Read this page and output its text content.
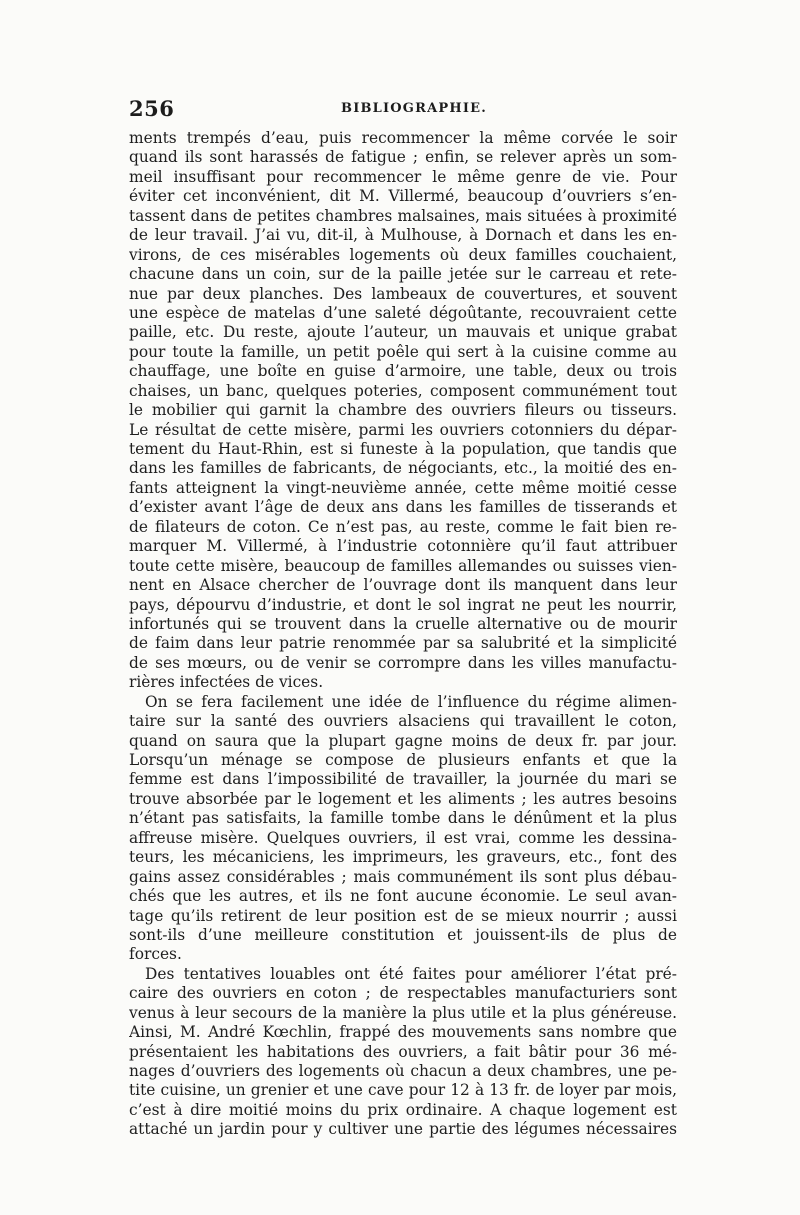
256	BIBLIOGRAPHIE.
ments trempés d’eau, puis recommencer la même corvée le soir
quand ils sont harassés de fatigue ; enfin, se relever après un som-
meil insuffisant pour recommencer le même genre de vie. Pour
éviter cet inconvénient, dit M. Villermé, beaucoup d’ouvriers s’en-
tassent dans de petites chambres malsaines, mais situées à proximité
de leur travail. J’ai vu, dit-il, à Mulhouse, à Dornach et dans les en-
virons, de ces misérables logements où deux familles couchaient,
chacune dans un coin, sur de la paille jetée sur le carreau et rete-
nue par deux planches. Des lambeaux de couvertures, et souvent
une espèce de matelas d’une saleté dégoûtante, recouvraient cette
paille, etc. Du reste, ajoute l’auteur, un mauvais et unique grabat
pour toute la famille, un petit poêle qui sert à la cuisine comme au
chauffage, une boîte en guise d’armoire, une table, deux ou trois
chaises, un banc, quelques poteries, composent communément tout
le mobilier qui garnit la chambre des ouvriers fileurs ou tisseurs.
Le résultat de cette misère, parmi les ouvriers cotonniers du dépar-
tement du Haut-Rhin, est si funeste à la population, que tandis que
dans les familles de fabricants, de négociants, etc., la moitié des en-
fants atteignent la vingt-neuvième année, cette même moitié cesse
d’exister avant l’âge de deux ans dans les familles de tisserands et
de filateurs de coton. Ce n’est pas, au reste, comme le fait bien re-
marquer M. Villermé, à l’industrie cotonnière qu’il faut attribuer
toute cette misère, beaucoup de familles allemandes ou suisses vien-
nent en Alsace chercher de l’ouvrage dont ils manquent dans leur
pays, dépourvu d’industrie, et dont le sol ingrat ne peut les nourrir,
infortunés qui se trouvent dans la cruelle alternative ou de mourir
de faim dans leur patrie renommée par sa salubrité et la simplicité
de ses mœurs, ou de venir se corrompre dans les villes manufactu-
rières infectées de vices.
On se fera facilement une idée de l’influence du régime alimen-
taire sur la santé des ouvriers alsaciens qui travaillent le coton,
quand on saura que la plupart gagne moins de deux fr. par jour.
Lorsqu’un ménage se compose de plusieurs enfants et que la
femme est dans l’impossibilité de travailler, la journée du mari se
trouve absorbée par le logement et les aliments ; les autres besoins
n’étant pas satisfaits, la famille tombe dans le dénûment et la plus
affreuse misère. Quelques ouvriers, il est vrai, comme les dessina-
teurs, les mécaniciens, les imprimeurs, les graveurs, etc., font des
gains assez considérables ; mais communément ils sont plus débau-
chés que les autres, et ils ne font aucune économie. Le seul avan-
tage qu’ils retirent de leur position est de se mieux nourrir ; aussi
sont-ils d’une meilleure constitution et jouissent-ils de plus de
forces.
Des tentatives louables ont été faites pour améliorer l’état pré-
caire des ouvriers en coton ; de respectables manufacturiers sont
venus à leur secours de la manière la plus utile et la plus généreuse.
Ainsi, M. André Kœchlin, frappé des mouvements sans nombre que
présentaient les habitations des ouvriers, a fait bâtir pour 36 mé-
nages d’ouvriers des logements où chacun a deux chambres, une pe-
tite cuisine, un grenier et une cave pour 12 à 13 fr. de loyer par mois,
c’est à dire moitié moins du prix ordinaire. A chaque logement est
attaché un jardin pour y cultiver une partie des légumes nécessaires
